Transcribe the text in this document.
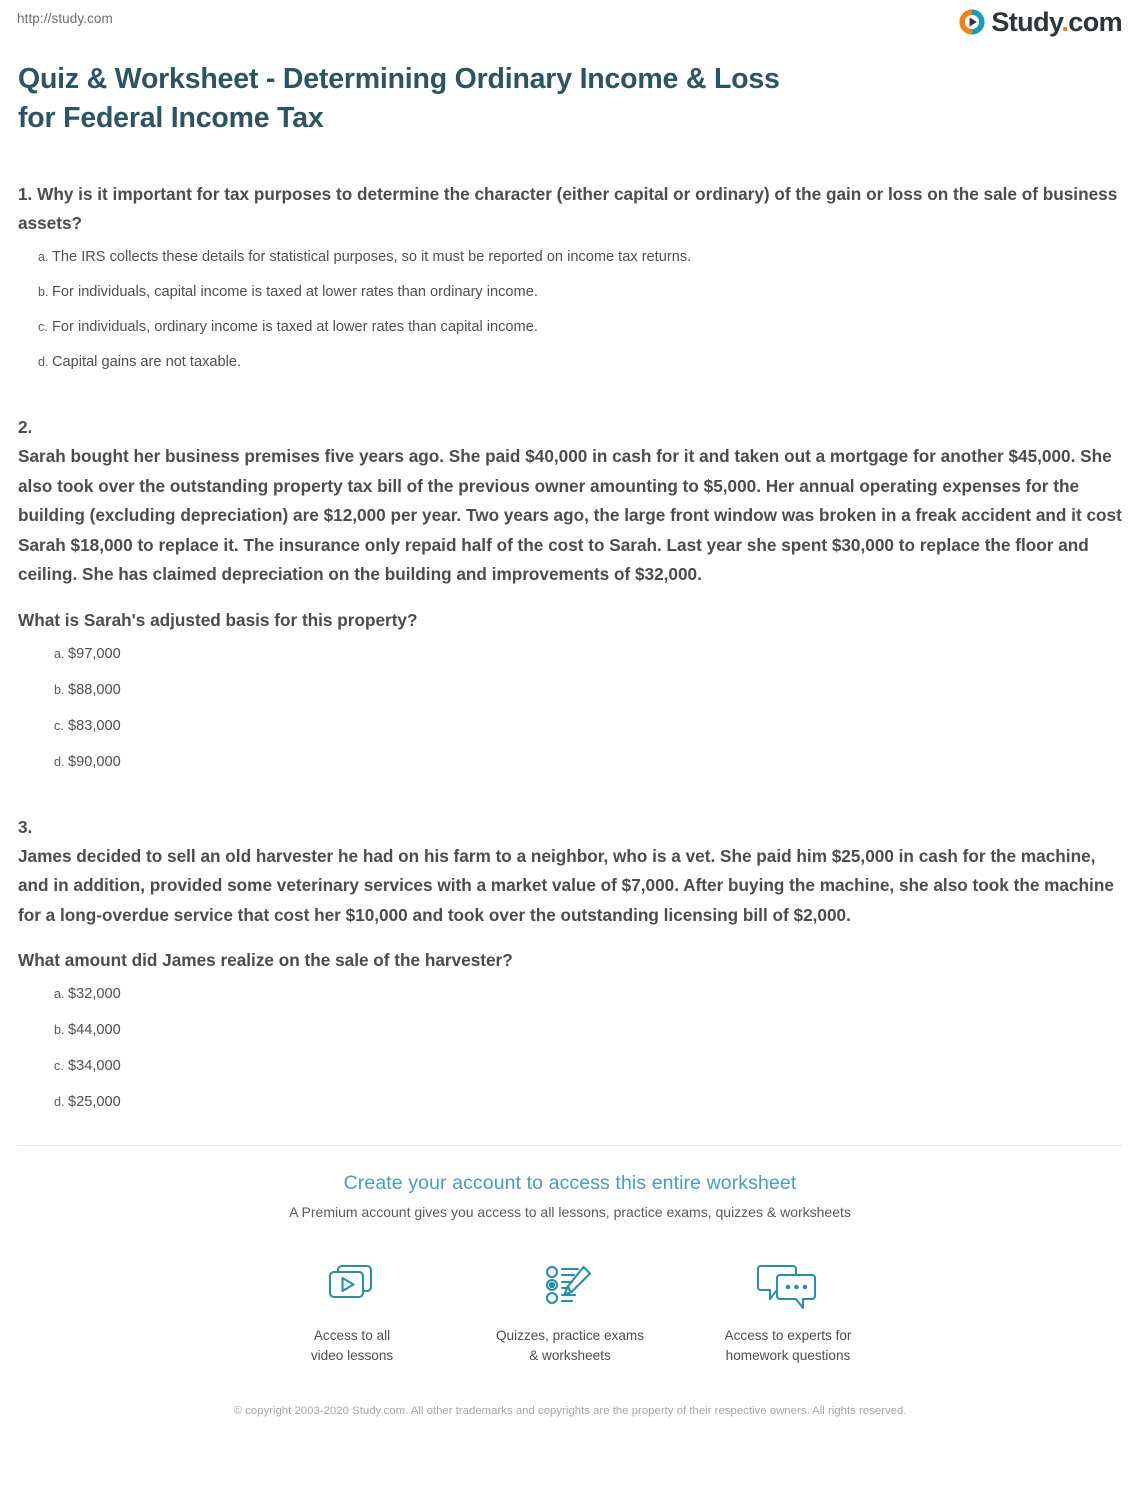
http://study.com	Study.com
Quiz & Worksheet - Determining Ordinary Income & Loss
for Federal Income Tax

1. Why is it important for tax purposes to determine the character (either capital or ordinary) of the gain or loss on the sale of business assets?

a. The IRS collects these details for statistical purposes, so it must be reported on income tax returns.
b. For individuals, capital income is taxed at lower rates than ordinary income.
c. For individuals, ordinary income is taxed at lower rates than capital income.
d. Capital gains are not taxable.

2.

Sarah bought her business premises five years ago. She paid $40,000 in cash for it and taken out a mortgage for another $45,000. She also took over the outstanding property tax bill of the previous owner amounting to $5,000. Her annual operating expenses for the building (excluding depreciation) are $12,000 per year. Two years ago, the large front window was broken in a freak accident and it cost Sarah $18,000 to replace it. The insurance only repaid half of the cost to Sarah. Last year she spent $30,000 to replace the floor and ceiling. She has claimed depreciation on the building and improvements of $32,000.

What is Sarah's adjusted basis for this property?

a. $97,000
b. $88,000
c. $83,000
d. $90,000

3.

James decided to sell an old harvester he had on his farm to a neighbor, who is a vet. She paid him $25,000 in cash for the machine, and in addition, provided some veterinary services with a market value of $7,000. After buying the machine, she also took the machine for a long-overdue service that cost her $10,000 and took over the outstanding licensing bill of $2,000.

What amount did James realize on the sale of the harvester?

a. $32,000
b. $44,000
c. $34,000
d. $25,000
Create your account to access this entire worksheet
A Premium account gives you access to all lessons, practice exams, quizzes & worksheets
Access to all
video lessons
Quizzes, practice exams
& worksheets
Access to experts for
homework questions
© copyright 2003-2020 Study.com. All other trademarks and copyrights are the property of their respective owners. All rights reserved.
